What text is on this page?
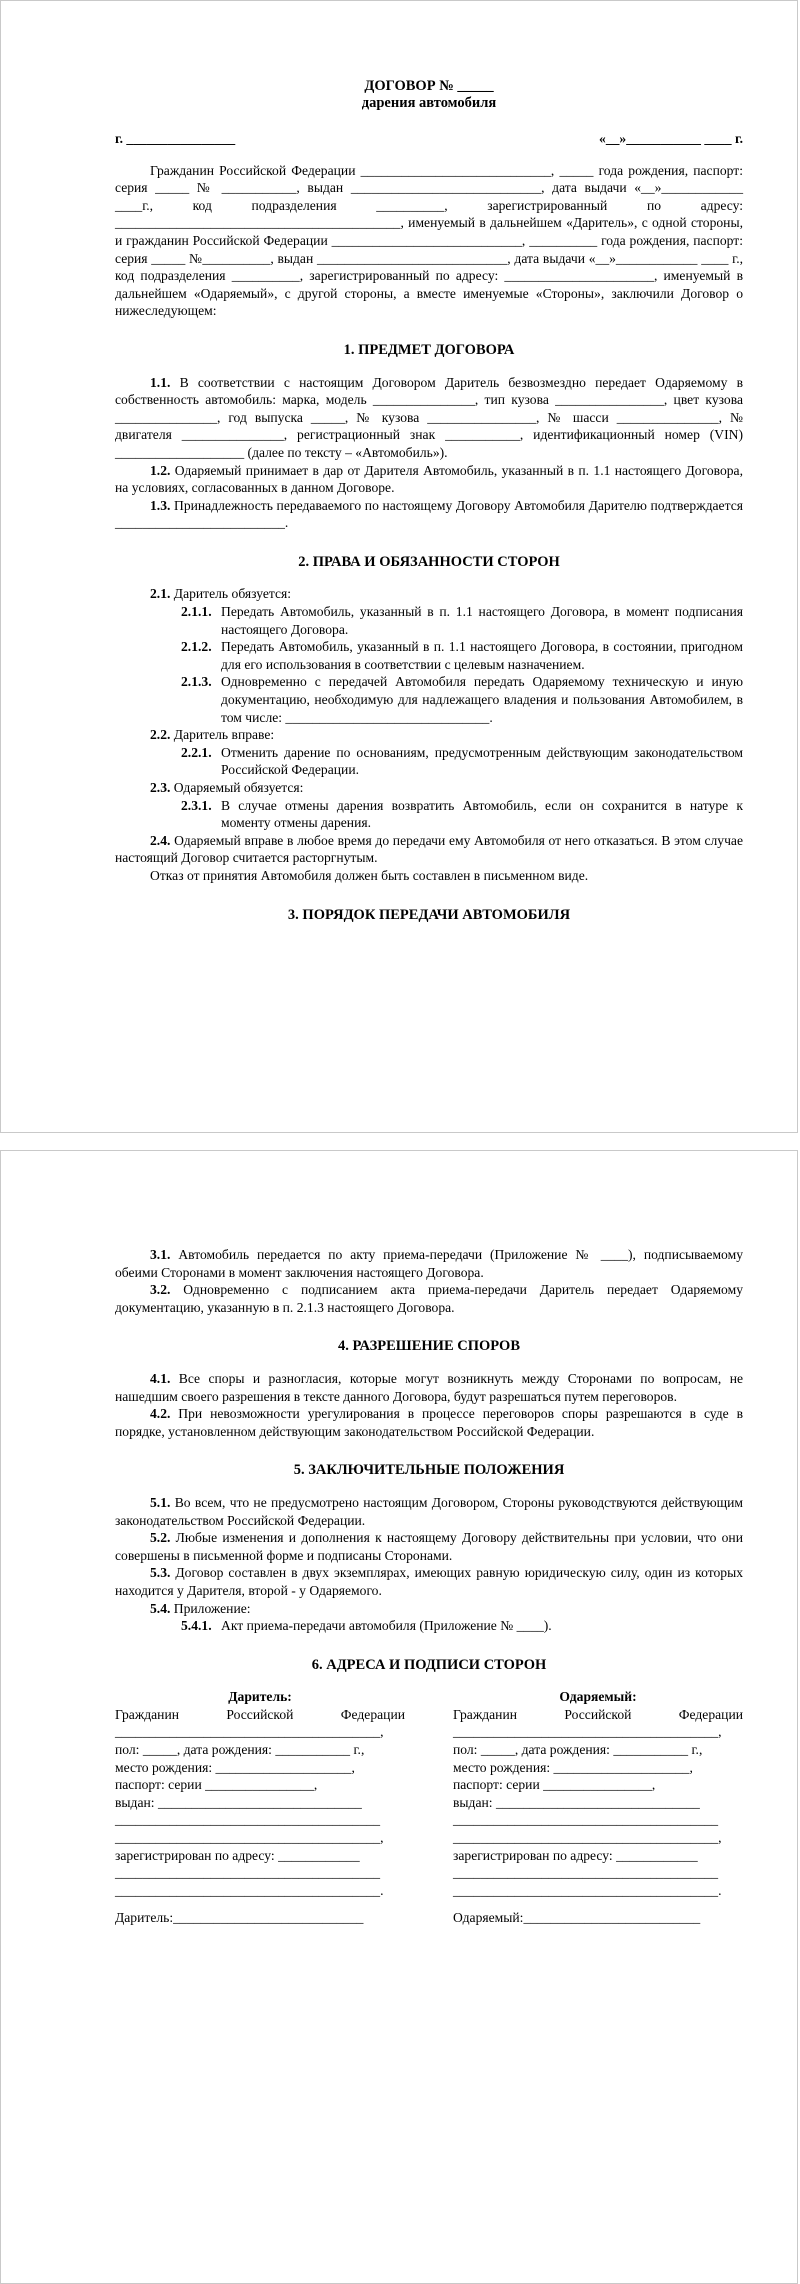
ДОГОВОР № _____
дарения автомобиля
г. ________________	«__»___________ ____ г.

Гражданин Российской Федерации ____________________________, _____ года рождения, паспорт: серия _____ № ___________, выдан ____________________________, дата выдачи «__»____________ ____г., код подразделения __________, зарегистрированный по адресу: __________________________________________, именуемый в дальнейшем «Даритель», с одной стороны, и гражданин Российской Федерации ____________________________, __________ года рождения, паспорт: серия _____ №__________, выдан ____________________________, дата выдачи «__»____________ ____ г., код подразделения __________, зарегистрированный по адресу: ______________________, именуемый в дальнейшем «Одаряемый», с другой стороны, а вместе именуемые «Стороны», заключили Договор о нижеследующем:

1. ПРЕДМЕТ ДОГОВОРА

1.1. В соответствии с настоящим Договором Даритель безвозмездно передает Одаряемому в собственность автомобиль: марка, модель _______________, тип кузова ________________, цвет кузова _______________, год выпуска _____, № кузова ________________, № шасси _______________, № двигателя _______________, регистрационный знак ___________, идентификационный номер (VIN) ___________________ (далее по тексту – «Автомобиль»).

1.2. Одаряемый принимает в дар от Дарителя Автомобиль, указанный в п. 1.1 настоящего Договора, на условиях, согласованных в данном Договоре.

1.3. Принадлежность передаваемого по настоящему Договору Автомобиля Дарителю подтверждается _________________________.

2. ПРАВА И ОБЯЗАННОСТИ СТОРОН

2.1. Даритель обязуется:

2.1.1. Передать Автомобиль, указанный в п. 1.1 настоящего Договора, в момент подписания настоящего Договора.
2.1.2. Передать Автомобиль, указанный в п. 1.1 настоящего Договора, в состоянии, пригодном для его использования в соответствии с целевым назначением.
2.1.3. Одновременно с передачей Автомобиля передать Одаряемому техническую и иную документацию, необходимую для надлежащего владения и пользования Автомобилем, в том числе: ______________________________.

2.2. Даритель вправе:

2.2.1. Отменить дарение по основаниям, предусмотренным действующим законодательством Российской Федерации.

2.3. Одаряемый обязуется:

2.3.1. В случае отмены дарения возвратить Автомобиль, если он сохранится в натуре к моменту отмены дарения.

2.4. Одаряемый вправе в любое время до передачи ему Автомобиля от него отказаться. В этом случае настоящий Договор считается расторгнутым.

Отказ от принятия Автомобиля должен быть составлен в письменном виде.

3. ПОРЯДОК ПЕРЕДАЧИ АВТОМОБИЛЯ

3.1. Автомобиль передается по акту приема-передачи (Приложение № ____), подписываемому обеими Сторонами в момент заключения настоящего Договора.

3.2. Одновременно с подписанием акта приема-передачи Даритель передает Одаряемому документацию, указанную в п. 2.1.3 настоящего Договора.

4. РАЗРЕШЕНИЕ СПОРОВ

4.1. Все споры и разногласия, которые могут возникнуть между Сторонами по вопросам, не нашедшим своего разрешения в тексте данного Договора, будут разрешаться путем переговоров.

4.2. При невозможности урегулирования в процессе переговоров споры разрешаются в суде в порядке, установленном действующим законодательством Российской Федерации.

5. ЗАКЛЮЧИТЕЛЬНЫЕ ПОЛОЖЕНИЯ

5.1. Во всем, что не предусмотрено настоящим Договором, Стороны руководствуются действующим законодательством Российской Федерации.

5.2. Любые изменения и дополнения к настоящему Договору действительны при условии, что они совершены в письменной форме и подписаны Сторонами.

5.3. Договор составлен в двух экземплярах, имеющих равную юридическую силу, один из которых находится у Дарителя, второй - у Одаряемого.

5.4. Приложение:

5.4.1. Акт приема-передачи автомобиля (Приложение № ____).
6. АДРЕСА И ПОДПИСИ СТОРОН
Даритель:

Гражданин Российской Федерации

_______________________________________,

пол: _____, дата рождения: ___________ г.,

место рождения: ____________________,

паспорт: серии ________________,

выдан: ______________________________

_______________________________________

_______________________________________,

зарегистрирован по адресу: ____________

_______________________________________

_______________________________________.

Даритель:____________________________

Одаряемый:

Гражданин Российской Федерации

_______________________________________,

пол: _____, дата рождения: ___________ г.,

место рождения: ____________________,

паспорт: серии ________________,

выдан: ______________________________

_______________________________________

_______________________________________,

зарегистрирован по адресу: ____________

_______________________________________

_______________________________________.

Одаряемый:__________________________
